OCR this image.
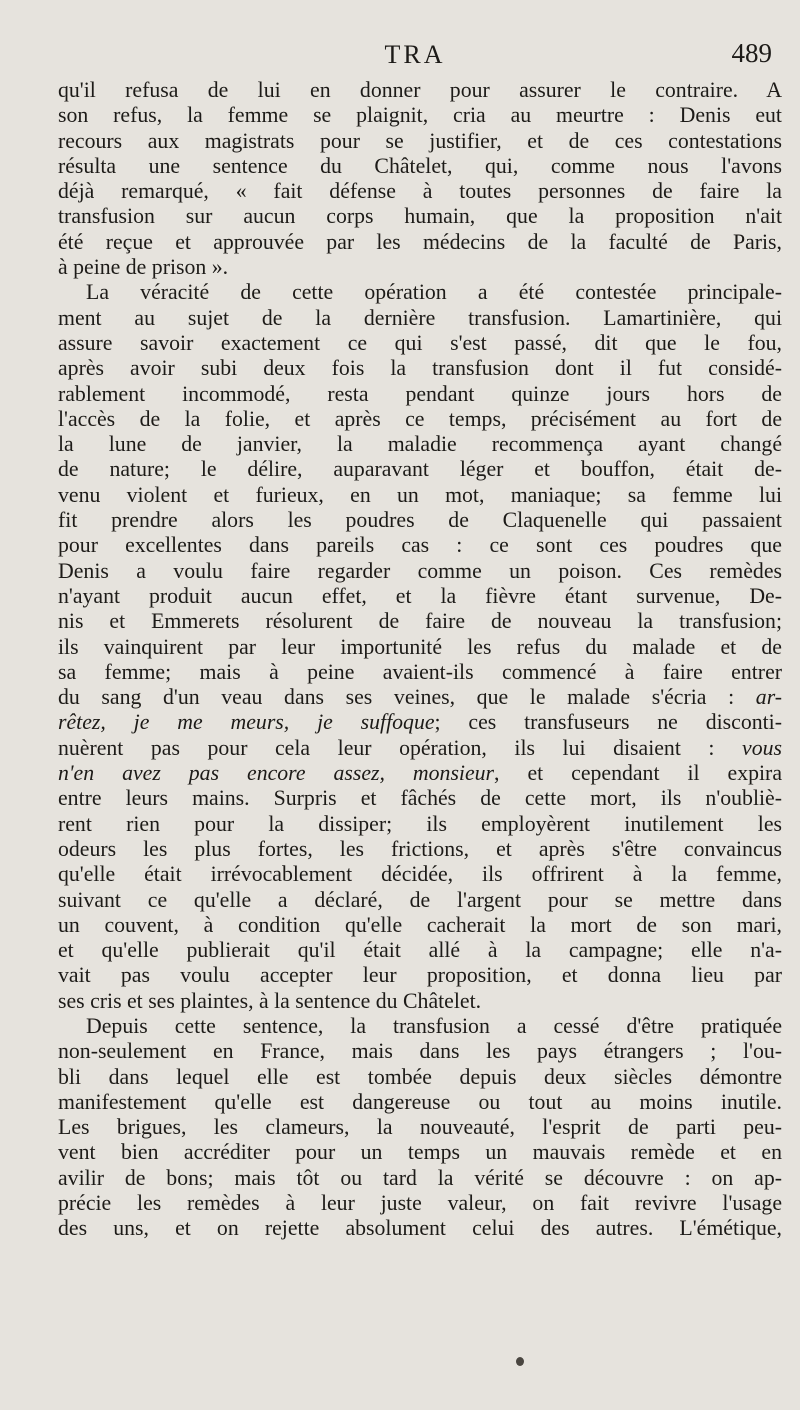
TRA	489
qu'il refusa de lui en donner pour assurer le contraire. A
son refus, la femme se plaignit, cria au meurtre : Denis eut
recours aux magistrats pour se justifier, et de ces contestations
résulta une sentence du Châtelet, qui, comme nous l'avons
déjà remarqué, « fait défense à toutes personnes de faire la
transfusion sur aucun corps humain, que la proposition n'ait
été reçue et approuvée par les médecins de la faculté de Paris,
à peine de prison ».
La véracité de cette opération a été contestée principale-
ment au sujet de la dernière transfusion. Lamartinière, qui
assure savoir exactement ce qui s'est passé, dit que le fou,
après avoir subi deux fois la transfusion dont il fut considé-
rablement incommodé, resta pendant quinze jours hors de
l'accès de la folie, et après ce temps, précisément au fort de
la lune de janvier, la maladie recommença ayant changé
de nature; le délire, auparavant léger et bouffon, était de-
venu violent et furieux, en un mot, maniaque; sa femme lui
fit prendre alors les poudres de Claquenelle qui passaient
pour excellentes dans pareils cas : ce sont ces poudres que
Denis a voulu faire regarder comme un poison. Ces remèdes
n'ayant produit aucun effet, et la fièvre étant survenue, De-
nis et Emmerets résolurent de faire de nouveau la transfusion;
ils vainquirent par leur importunité les refus du malade et de
sa femme; mais à peine avaient-ils commencé à faire entrer
du sang d'un veau dans ses veines, que le malade s'écria : ar-
rêtez, je me meurs, je suffoque; ces transfuseurs ne disconti-
nuèrent pas pour cela leur opération, ils lui disaient : vous
n'en avez pas encore assez, monsieur, et cependant il expira
entre leurs mains. Surpris et fâchés de cette mort, ils n'oubliè-
rent rien pour la dissiper; ils employèrent inutilement les
odeurs les plus fortes, les frictions, et après s'être convaincus
qu'elle était irrévocablement décidée, ils offrirent à la femme,
suivant ce qu'elle a déclaré, de l'argent pour se mettre dans
un couvent, à condition qu'elle cacherait la mort de son mari,
et qu'elle publierait qu'il était allé à la campagne; elle n'a-
vait pas voulu accepter leur proposition, et donna lieu par
ses cris et ses plaintes, à la sentence du Châtelet.
Depuis cette sentence, la transfusion a cessé d'être pratiquée
non-seulement en France, mais dans les pays étrangers ; l'ou-
bli dans lequel elle est tombée depuis deux siècles démontre
manifestement qu'elle est dangereuse ou tout au moins inutile.
Les brigues, les clameurs, la nouveauté, l'esprit de parti peu-
vent bien accréditer pour un temps un mauvais remède et en
avilir de bons; mais tôt ou tard la vérité se découvre : on ap-
précie les remèdes à leur juste valeur, on fait revivre l'usage
des uns, et on rejette absolument celui des autres. L'émétique,
